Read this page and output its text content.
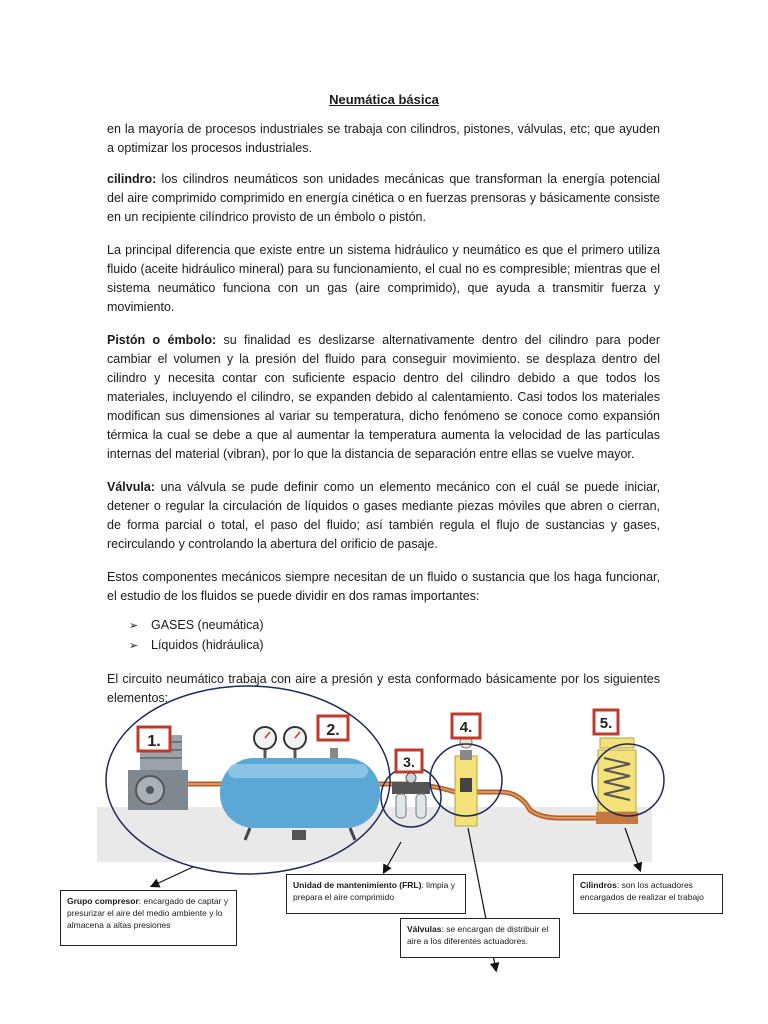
Neumática básica

en la mayoría de procesos industriales se trabaja con cilindros, pistones, válvulas, etc; que ayuden a optimizar los procesos industriales.

cilindro: los cilindros neumáticos son unidades mecánicas que transforman la energía potencial del aire comprimido comprimido en energía cinética o en fuerzas prensoras y básicamente consiste en un recipiente cilíndrico provisto de un émbolo o pistón.

La principal diferencia que existe entre un sistema hidráulico y neumático es que el primero utiliza fluido (aceite hidráulico mineral) para su funcionamiento, el cual no es compresible; mientras que el sistema neumático funciona con un gas (aire comprimido), que ayuda a transmitir fuerza y movimiento.

Pistón o émbolo: su finalidad es deslizarse alternativamente dentro del cilindro para poder cambiar el volumen y la presión del fluido para conseguir movimiento. se desplaza dentro del cilindro y necesita contar con suficiente espacio dentro del cilindro debido a que todos los materiales, incluyendo el cilindro, se expanden debido al calentamiento. Casi todos los materiales modifican sus dimensiones al variar su temperatura, dicho fenómeno se conoce como expansión térmica la cual se debe a que al aumentar la temperatura aumenta la velocidad de las partículas internas del material (vibran), por lo que la distancia de separación entre ellas se vuelve mayor.

Válvula: una válvula se pude definir como un elemento mecánico con el cuál se puede iniciar, detener o regular la circulación de líquidos o gases mediante piezas móviles que abren o cierran, de forma parcial o total, el paso del fluido; así también regula el flujo de sustancias y gases, recirculando y controlando la abertura del orificio de pasaje.

Estos componentes mecánicos siempre necesitan de un fluido o sustancia que los haga funcionar, el estudio de los fluidos se puede dividir en dos ramas importantes:

➢ GASES (neumática)
➢ Líquidos (hidráulica)

El circuito neumático trabaja con aire a presión y esta conformado básicamente por los siguientes elementos:

1.
2.
3.
4.	5.
Grupo compresor: encargado de captar y presurizar el aire del medio ambiente y lo almacena a altas presiones
Unidad de mantenimiento (FRL): limpia y prepara el aire comprimido
Válvulas: se encargan de distribuir el aire a los diferentes actuadores.
Cilindros: son los actuadores encargados de realizar el trabajo
